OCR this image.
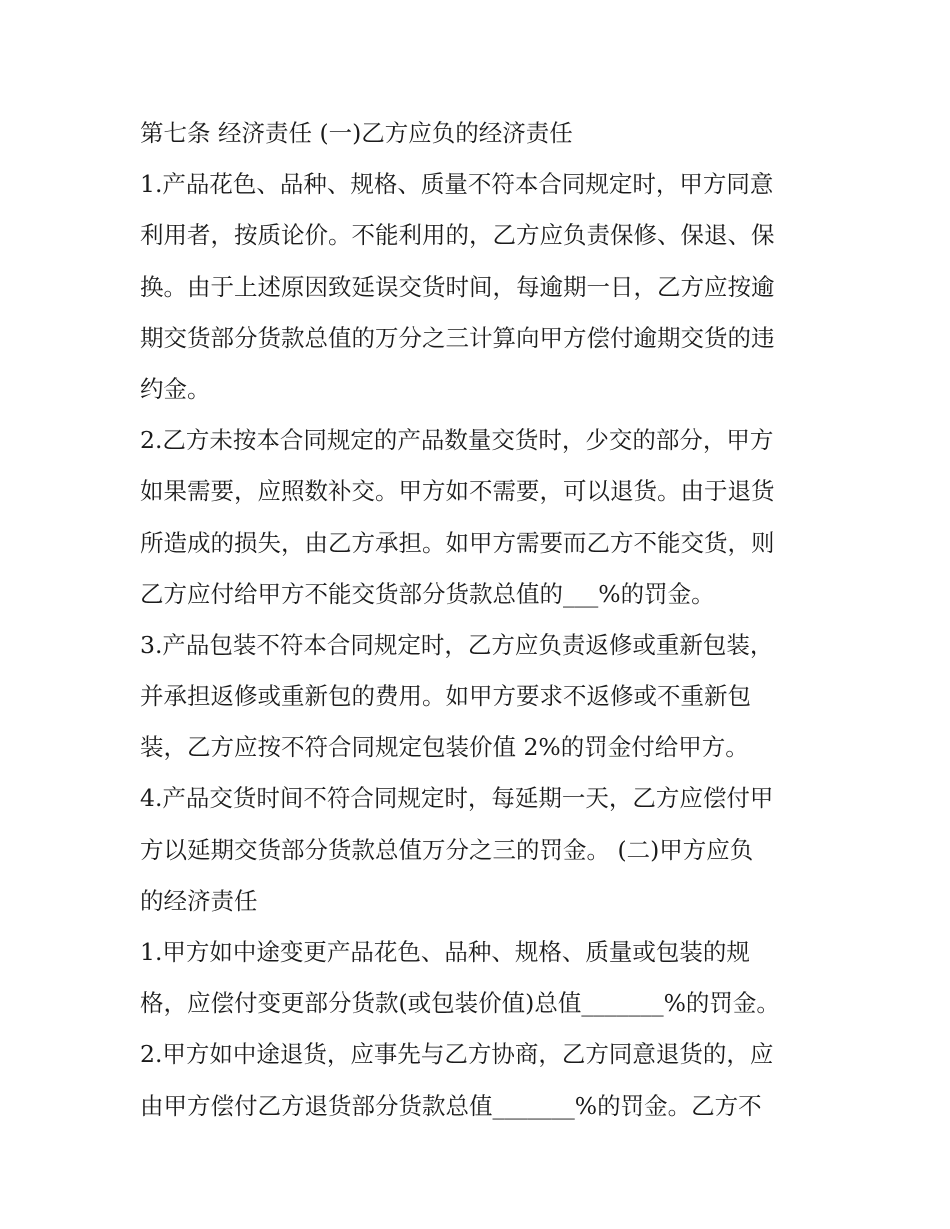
第七条 经济责任 (一)乙方应负的经济责任
1.产品花色、品种、规格、质量不符本合同规定时，甲方同意
利用者，按质论价。不能利用的，乙方应负责保修、保退、保
换。由于上述原因致延误交货时间，每逾期一日，乙方应按逾
期交货部分货款总值的万分之三计算向甲方偿付逾期交货的违
约金。
2.乙方未按本合同规定的产品数量交货时，少交的部分，甲方
如果需要，应照数补交。甲方如不需要，可以退货。由于退货
所造成的损失，由乙方承担。如甲方需要而乙方不能交货，则
乙方应付给甲方不能交货部分货款总值的___%的罚金。
3.产品包装不符本合同规定时，乙方应负责返修或重新包装，
并承担返修或重新包的费用。如甲方要求不返修或不重新包
装，乙方应按不符合同规定包装价值 2%的罚金付给甲方。
4.产品交货时间不符合同规定时，每延期一天，乙方应偿付甲
方以延期交货部分货款总值万分之三的罚金。 (二)甲方应负
的经济责任
1.甲方如中途变更产品花色、品种、规格、质量或包装的规
格，应偿付变更部分货款(或包装价值)总值_______%的罚金。
2.甲方如中途退货，应事先与乙方协商，乙方同意退货的，应
由甲方偿付乙方退货部分货款总值_______%的罚金。乙方不
